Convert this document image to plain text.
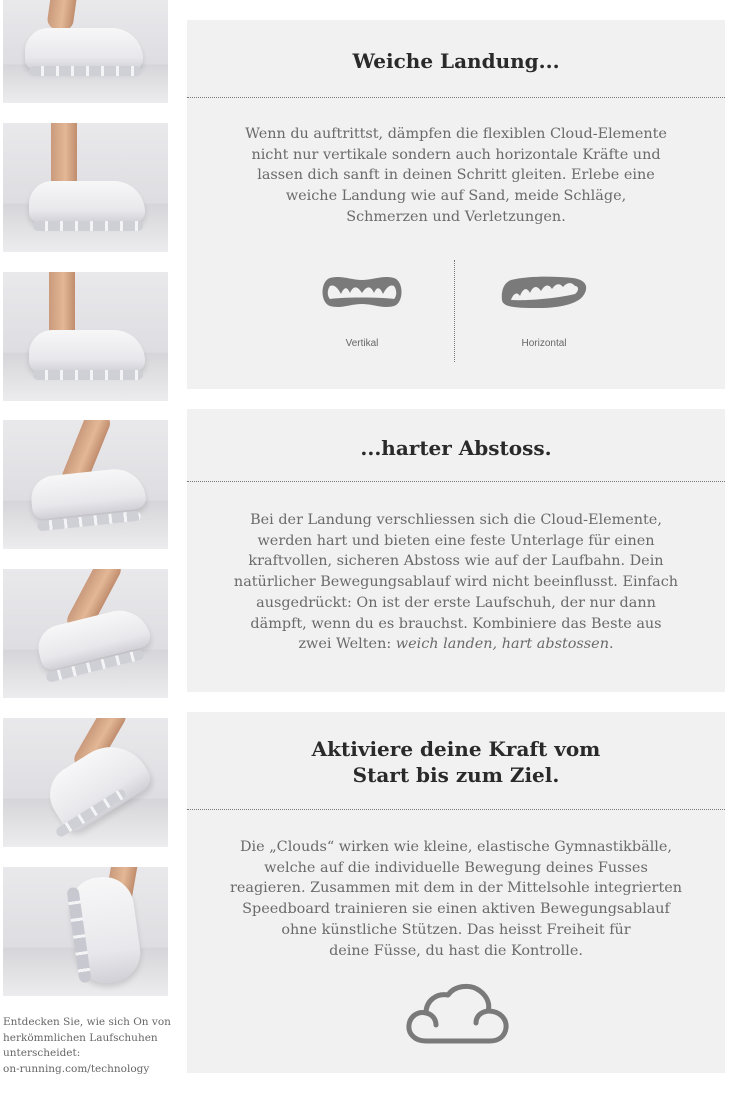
Entdecken Sie, wie sich On von
herkömmlichen Laufschuhen
unterscheidet:
on-running.com/technology
Weiche Landung...
Wenn du auftrittst, dämpfen die flexiblen Cloud-Elemente
nicht nur vertikale sondern auch horizontale Kräfte und
lassen dich sanft in deinen Schritt gleiten. Erlebe eine
weiche Landung wie auf Sand, meide Schläge,
Schmerzen und Verletzungen.
Vertikal	Horizontal
...harter Abstoss.
Bei der Landung verschliessen sich die Cloud-Elemente,
werden hart und bieten eine feste Unterlage für einen
kraftvollen, sicheren Abstoss wie auf der Laufbahn. Dein
natürlicher Bewegungsablauf wird nicht beeinflusst. Einfach
ausgedrückt: On ist der erste Laufschuh, der nur dann
dämpft, wenn du es brauchst. Kombiniere das Beste aus
zwei Welten: weich landen, hart abstossen.
Aktiviere deine Kraft vom
Start bis zum Ziel.
Die „Clouds“ wirken wie kleine, elastische Gymnastikbälle,
welche auf die individuelle Bewegung deines Fusses
reagieren. Zusammen mit dem in der Mittelsohle integrierten
Speedboard trainieren sie einen aktiven Bewegungsablauf
ohne künstliche Stützen. Das heisst Freiheit für
deine Füsse, du hast die Kontrolle.
